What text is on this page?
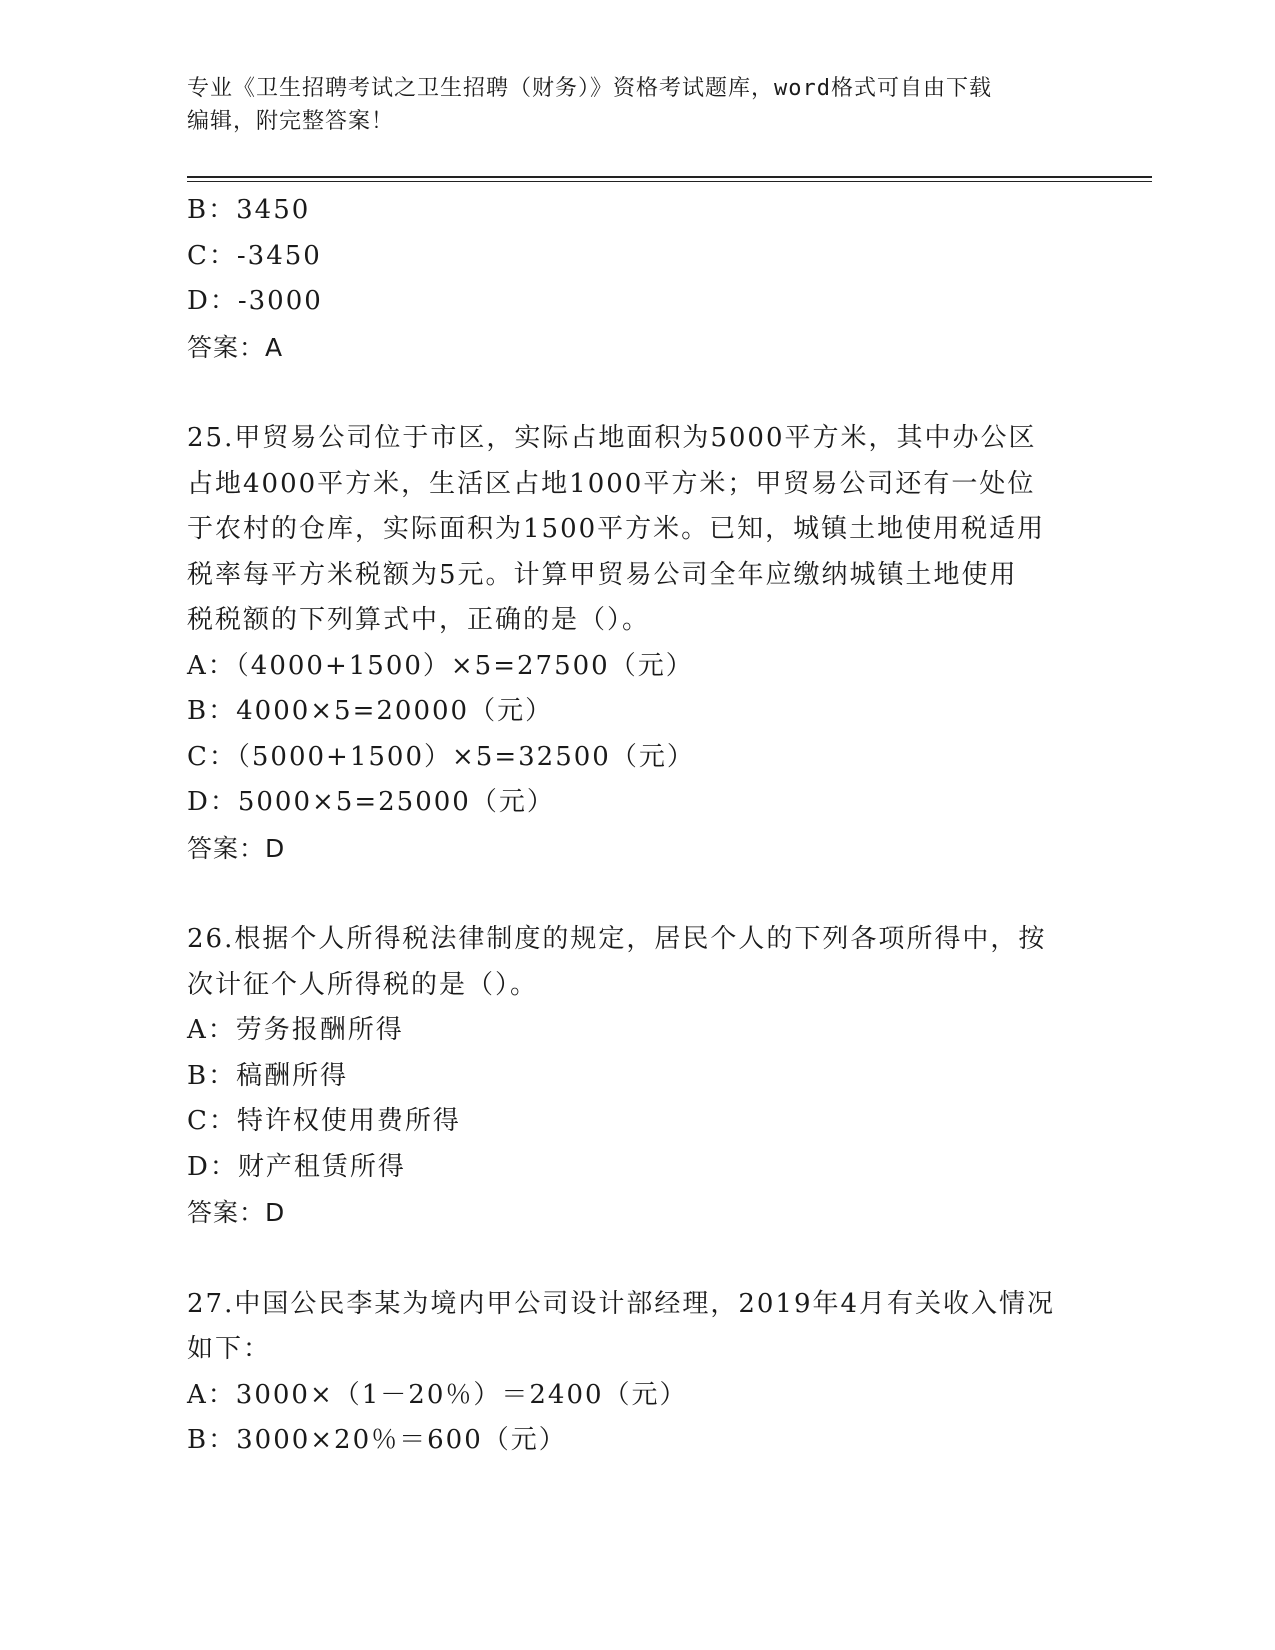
专业《卫生招聘考试之卫生招聘（财务）》资格考试题库，word格式可自由下载
编辑，附完整答案！
B：3450
C：-3450
D：-3000
答案：A
25.甲贸易公司位于市区，实际占地面积为5000平方米，其中办公区
占地4000平方米，生活区占地1000平方米；甲贸易公司还有一处位
于农村的仓库，实际面积为1500平方米。已知，城镇土地使用税适用
税率每平方米税额为5元。计算甲贸易公司全年应缴纳城镇土地使用
税税额的下列算式中，正确的是（）。
A：（4000+1500）×5=27500（元）
B：4000×5=20000（元）
C：（5000+1500）×5=32500（元）
D：5000×5=25000（元）
答案：D
26.根据个人所得税法律制度的规定，居民个人的下列各项所得中，按
次计征个人所得税的是（）。
A：劳务报酬所得
B：稿酬所得
C：特许权使用费所得
D：财产租赁所得
答案：D
27.中国公民李某为境内甲公司设计部经理，2019年4月有关收入情况
如下：
A：3000×（1－20％）＝2400（元）
B：3000×20％＝600（元）
